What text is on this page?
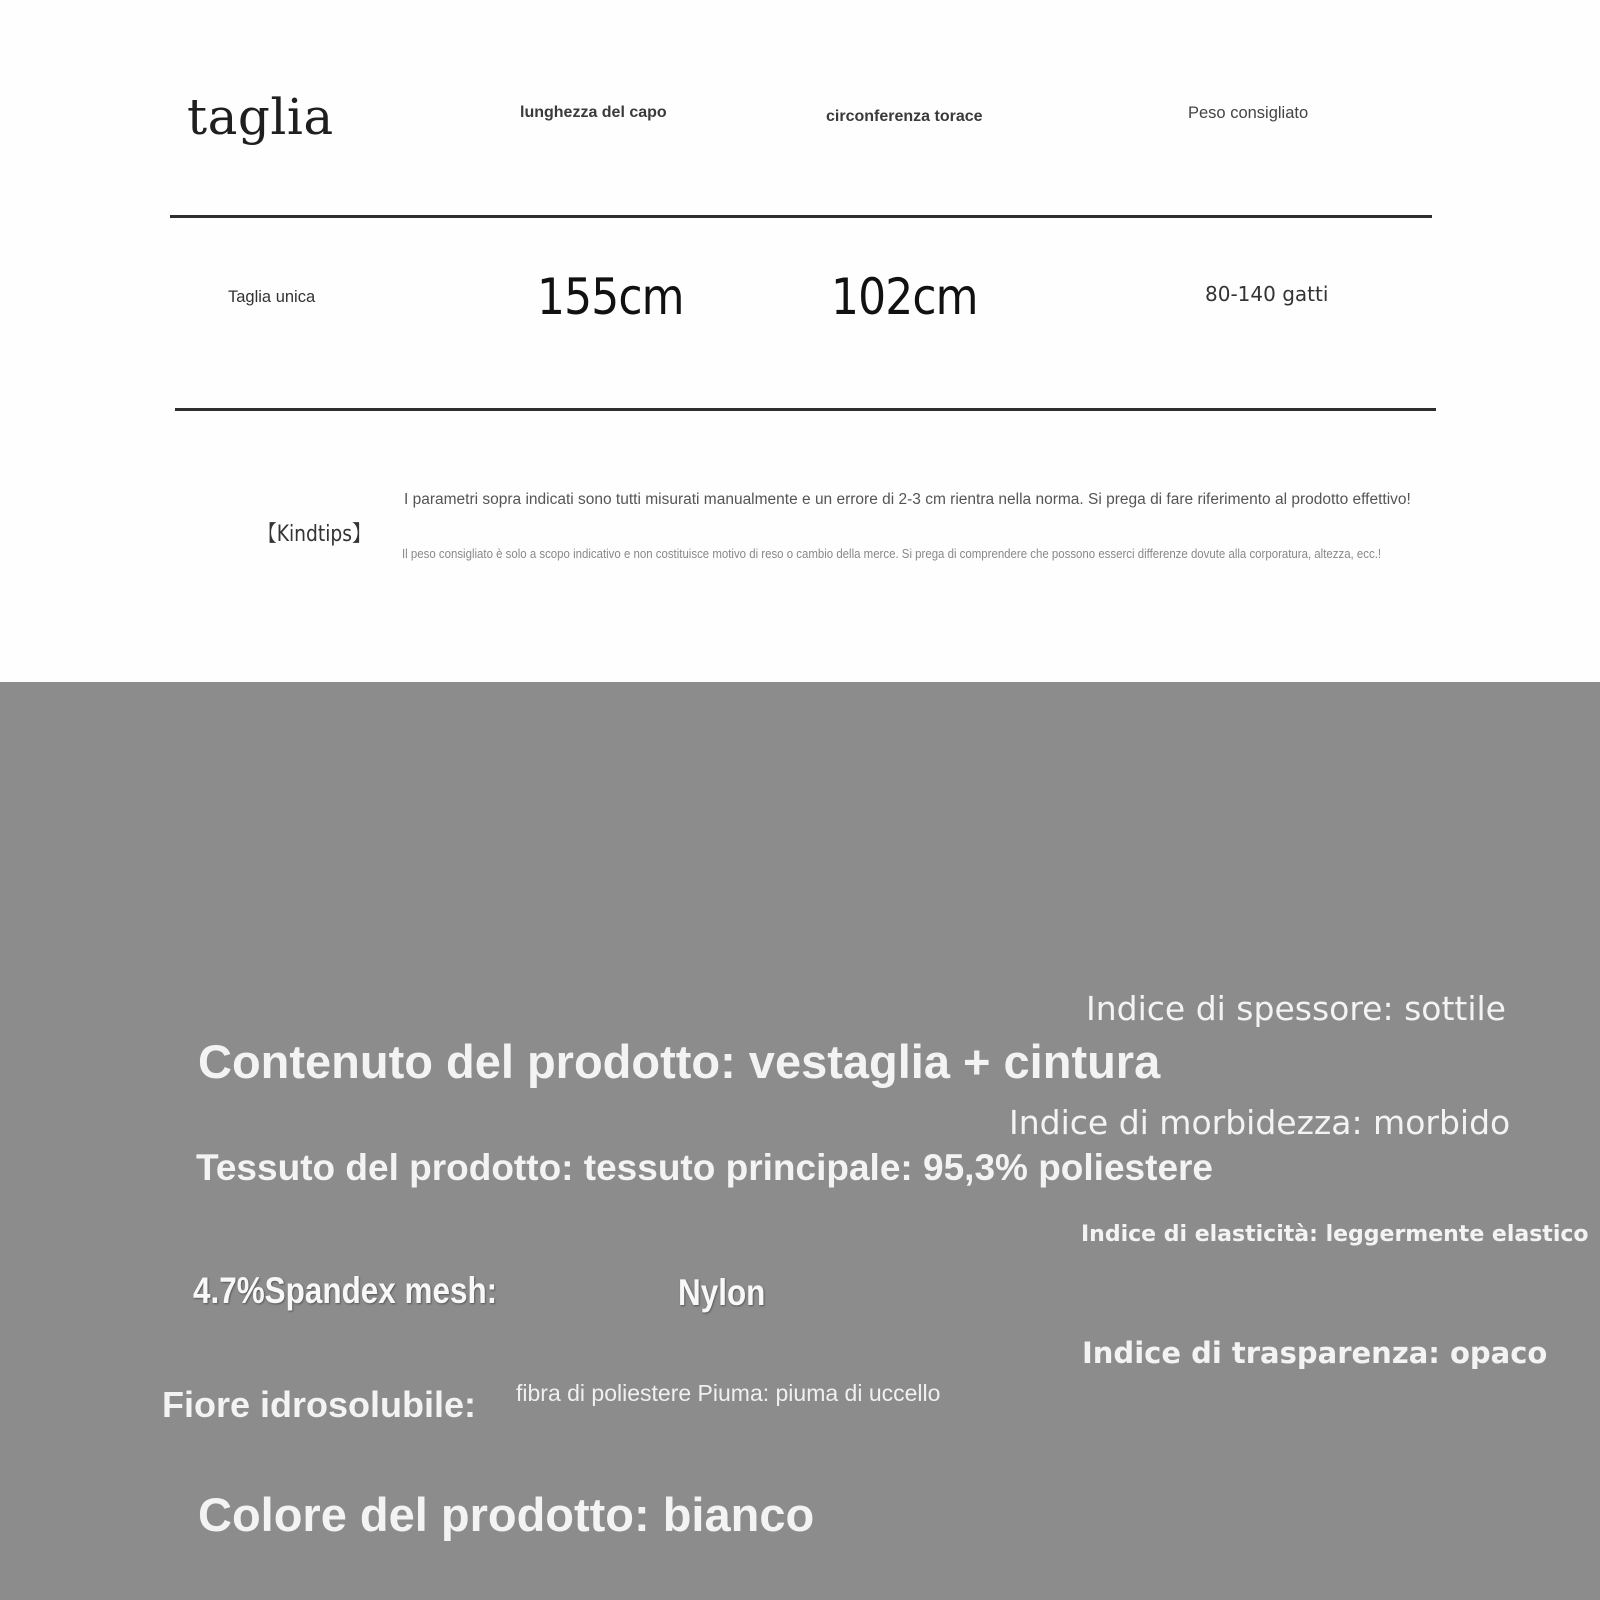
taglia	lunghezza del capo	circonferenza torace	Peso consigliato
Taglia unica	155cm	102cm	80-140 gatti
【Kindtips】
I parametri sopra indicati sono tutti misurati manualmente e un errore di 2-3 cm rientra nella norma. Si prega di fare riferimento al prodotto effettivo!
Il peso consigliato è solo a scopo indicativo e non costituisce motivo di reso o cambio della merce. Si prega di comprendere che possono esserci differenze dovute alla corporatura, altezza, ecc.!
Indice di spessore: sottile
Contenuto del prodotto: vestaglia + cintura
Indice di morbidezza: morbido
Tessuto del prodotto: tessuto principale: 95,3% poliestere
Indice di elasticità: leggermente elastico
4.7%Spandex mesh:	Nylon
Indice di trasparenza: opaco
Fiore idrosolubile: fibra di poliestere Piuma: piuma di uccello
Colore del prodotto: bianco
